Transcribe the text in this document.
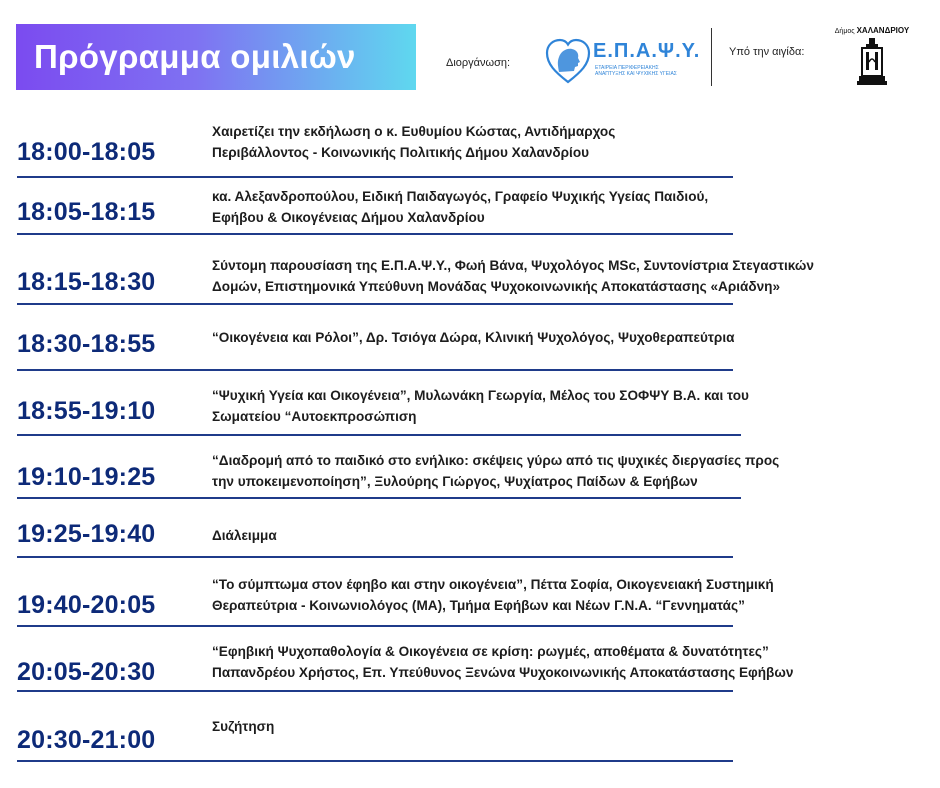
Πρόγραμμα ομιλιών	Διοργάνωση:
Ε.Π.Α.Ψ.Υ.
ΕΤΑΙΡΕΙΑ ΠΕΡΙΦΕΡΕΙΑΚΗΣ
ΑΝΑΠΤΥΞΗΣ ΚΑΙ ΨΥΧΙΚΗΣ ΥΓΕΙΑΣ
Υπό την αιγίδα:
Δήμος ΧΑΛΑΝΔΡΙΟΥ
18:00-18:05
Χαιρετίζει την εκδήλωση ο κ. Ευθυμίου Κώστας, Αντιδήμαρχος
Περιβάλλοντος - Κοινωνικής Πολιτικής Δήμου Χαλανδρίου
18:05-18:15
κα. Αλεξανδροπούλου, Ειδική Παιδαγωγός, Γραφείο Ψυχικής Υγείας Παιδιού,
Εφήβου & Οικογένειας Δήμου Χαλανδρίου
18:15-18:30
Σύντομη παρουσίαση της Ε.Π.Α.Ψ.Υ., Φωή Βάνα, Ψυχολόγος MSc, Συντονίστρια Στεγαστικών
Δομών, Επιστημονικά Υπεύθυνη Μονάδας Ψυχοκοινωνικής Αποκατάστασης «Αριάδνη»
18:30-18:55	“Οικογένεια και Ρόλοι”, Δρ. Τσιόγα Δώρα, Κλινική Ψυχολόγος, Ψυχοθεραπεύτρια
18:55-19:10
“Ψυχική Υγεία και Οικογένεια”, Μυλωνάκη Γεωργία, Μέλος του ΣΟΦΨΥ Β.Α. και του
Σωματείου “Αυτοεκπροσώπιση
19:10-19:25
“Διαδρομή από το παιδικό στο ενήλικο: σκέψεις γύρω από τις ψυχικές διεργασίες προς
την υποκειμενοποίηση”, Ξυλούρης Γιώργος, Ψυχίατρος Παίδων & Εφήβων
19:25-19:40	Διάλειμμα
19:40-20:05
“Το σύμπτωμα στον έφηβο και στην οικογένεια”, Πέττα Σοφία, Οικογενειακή Συστημική
Θεραπεύτρια - Κοινωνιολόγος (ΜΑ), Τμήμα Εφήβων και Νέων Γ.Ν.Α. “Γεννηματάς”
20:05-20:30
“Εφηβική Ψυχοπαθολογία & Οικογένεια σε κρίση: ρωγμές, αποθέματα & δυνατότητες”
Παπανδρέου Χρήστος, Επ. Υπεύθυνος Ξενώνα Ψυχοκοινωνικής Αποκατάστασης Εφήβων
20:30-21:00	Συζήτηση
